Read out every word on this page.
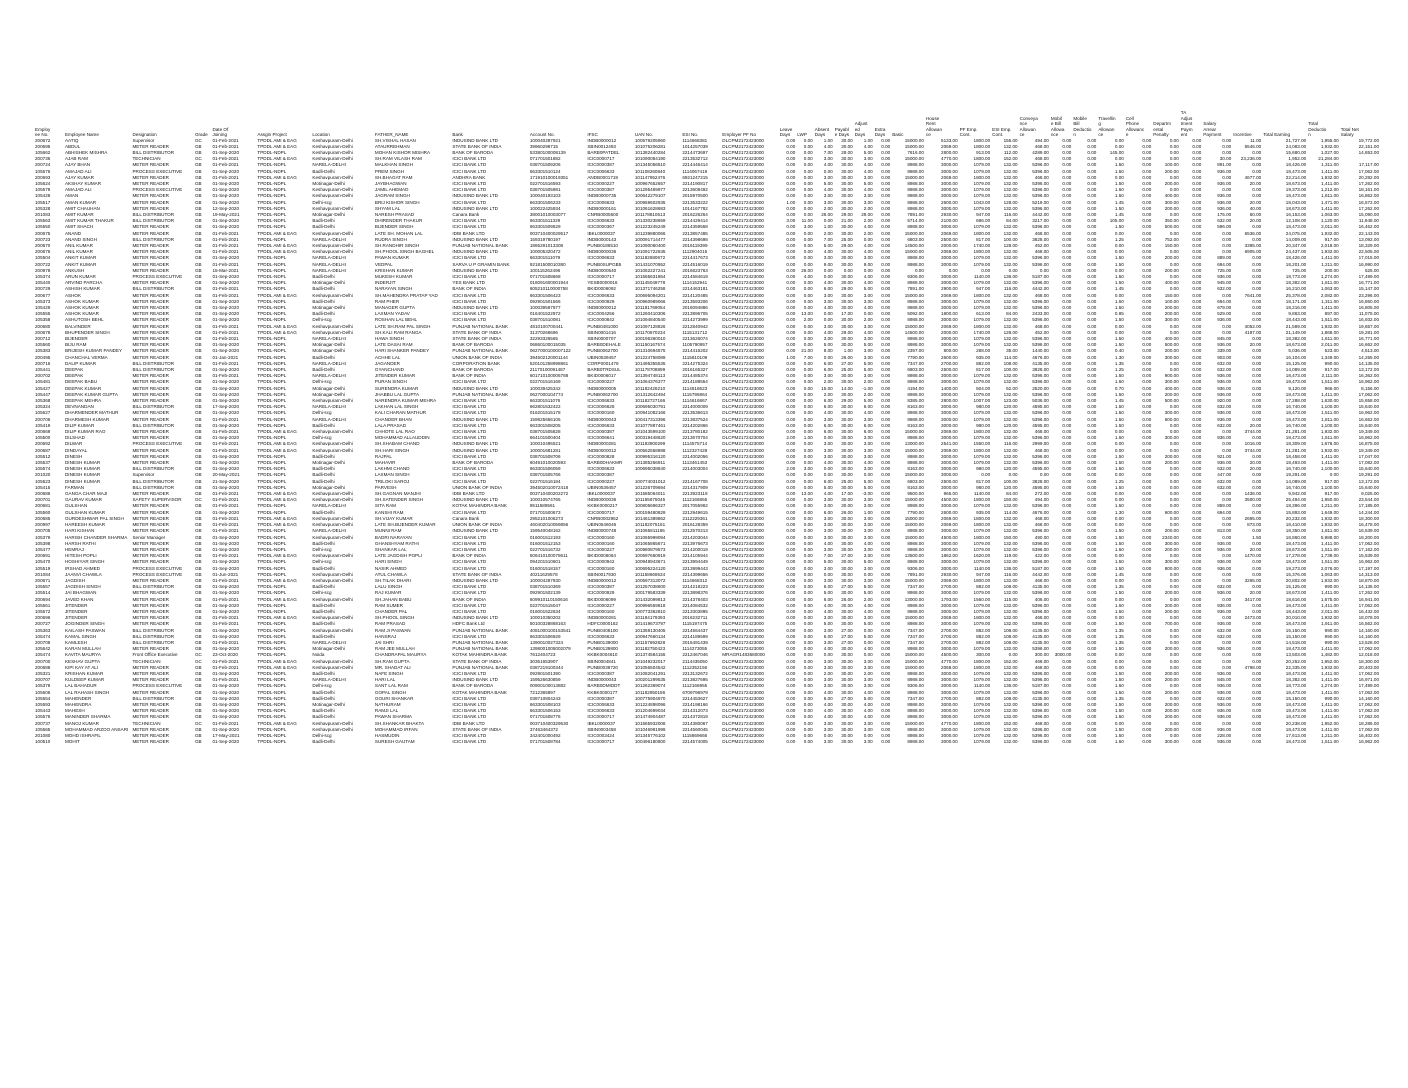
Employ
ee No.	Employee Name	Designation	Grade	Date Of
Joining	Assgin Project	Location	FATHER_NAME	Bank	Account No.	IFSC	UAN No.	ESI No.	Employer PF No	Leave
Days	LWP	Absent
Days	Payabl
e Days	Adjust
ed
Days	Extra
Days	Basic	House
Rent
Allowan
ce	PF Emp.
Cont.	ESI Emp.
Cont.	Conveya
nce
Allowan
ce	Mobil
e Bill
Allowa
nce	Mobile
Bill
Deductio
n	Travellin
g
Allowan
ce	Cell
Phone
Allowanc
e	Departm
ental
Penalty	TA
Adjus
tment
Paym
ent	Salary
Arrear
Payment	Incentive	Total Earning	Total
Deductio
n	Total Net
Salary
200672	AATIQ	Supervisor	GC	01-Feb-2021	TPDDL AMI & EAG	Keshavpuram-Delhi	SH.VISHAL HASAN	INDUSIND BANK LTD	100040287921	INDB0000012	100579205960	1114668381	DLCPM2172423000	0.00	0.00	1.00	30.00	1.00	0.00	15000.00	5133.00	1800.00	155.00	494.00	0.00	0.00	0.00	0.00	0.00	0.00	0.00	11.00	21,727.00	1,955.00	19,772.00
200695	ABDUL	METER READER	GB	01-Feb-2021	TPDDL AMI & EAG	Keshavpuram-Delhi	ATAURREHMAN	STATE BANK OF INDIA	39960298715	SBIN0012493	101075206281	1014257039	DLCPM2172423000	0.00	0.00	4.00	30.00	4.00	0.00	15000.00	2069.00	1800.00	132.00	468.00	0.00	0.00	0.00	0.00	0.00	0.00	0.00	6546.00	24,083.00	1,932.00	22,151.00
105662	ABHISHEK MISHRA	BILL DISTRIBUTOR	GB	01-Sep-2020	TPDDL-NDPL	Keshavpuram-Delhi	MOHAN KISHOR MISHRA	BANK OF BARODA	53380100008139	BARB0PATDEL	101382440284	2214473697	DLCPM2172423000	0.00	0.00	7.00	28.00	5.00	0.00	7616.00	2800.00	913.00	112.00	4289.00	0.00	0.00	145.00	0.00	0.00	0.00	0.00	0.00	15,680.00	1,027.00	14,653.00
200736	AJAB RAM	TECHNICIAN	GC	01-Feb-2021	TPDDL AMI & EAG	Keshavpuram-Delhi	SH.RAM VILASH RAM	ICICI BANK LTD	071701501882	ICIC0000717	101090084190	2213532712	DLCPM2172423000	0.00	0.00	3.00	30.00	3.00	0.00	15000.00	4770.00	1800.00	152.00	468.00	0.00	0.00	0.00	0.00	0.00	0.00	30.00	23,236.00	1,952.00	21,284.00	
200724	AJAY BHAN	METER READER	GB	01-Feb-2021	TPDDL-NDPL	NARELA-DELHI	MALKHAN SINGH	ICICI BANK LTD	038701509206	ICIC0000387	101345056510	2214446414	DLCPM2172423000	0.00	0.00	4.00	30.00	4.00	0.00	8988.00	3000.00	1079.00	132.00	5396.00	0.00	0.00	1.50	0.00	100.00	0.00	891.00	0.00	18,426.00	1,311.00	17,117.00
105576	AMAJAD ALI	PROCESS EXECUTIVE	GB	01-Sep-2020	TPDDL-NDPL	Badli-Delhi	PREM SINGH	ICICI BANK LTD	663301510124	ICIC0006633	101108260840	1114067419	DLCPM2172423000	0.00	0.00	0.00	30.00	4.00	0.00	8988.00	3000.00	1079.00	132.00	5396.00	0.00	0.00	1.50	0.00	200.00	0.00	936.00	0.00	18,473.00	1,411.00	17,062.00
200693	AJAY KUMAR	METER READER	GB	01-Feb-2021	TPDDL AMI & EAG	Keshavpuram-Delhi	SH.BHAGAT RAM	ANDHRA BANK	171910100019351	ANDB0001719	101147952476	6921247215	DLCPM2172423000	0.00	0.00	3.00	30.00	3.00	0.00	15000.00	2069.00	1800.00	132.00	468.00	0.00	0.00	0.00	0.00	0.00	0.00	0.00	4677.00	22,214.00	1,932.00	20,282.00
105624	AKSHAY KUMAR	METER READER	GB	01-Sep-2020	TPDDL-NDPL	Motinagar-Delhi	JAYBHAGWAN	ICICI BANK LTD	022701516593	ICIC0000227	100967652657	2214190817	DLCPM2172423000	0.00	0.00	5.00	30.00	5.00	0.00	8988.00	3000.00	1079.00	132.00	5396.00	0.00	0.00	1.50	0.00	200.00	0.00	936.00	20.00	18,673.00	1,411.00	17,262.00
105578	AMAJAD ALI	PROCESS EXECUTIVE	GB	01-Sep-2020	TPDDL-NDPL	Keshavpuram-Delhi	JAMIL AHEMAD	ICICI BANK LTD	038701505981	ICIC0000387	101295469977	2213608492	DLCPM2172423000	0.00	0.00	4.00	30.00	4.00	0.00	8988.00	3000.00	1079.00	132.00	5396.00	0.00	0.00	1.50	0.00	0.00	0.00	0.00	0.00	19,373.00	1,212.00	18,161.00
105428	AMAN	METER READER	GB	01-Sep-2020	TPDDL-NDPL	Keshavpuram-Delhi	JAGRAM SINGH	INDUSIND BANK LTD	100040193103	INDB0000735	100642279107	2015970500	DLCPM2172423000	0.00	0.00	3.00	30.00	3.00	0.00	8988.00	3000.00	1079.00	132.00	5396.00	0.00	0.00	1.50	0.00	400.00	0.00	936.00	0.00	18,473.00	1,611.00	16,862.00
105517	AMAN KUMAR	METER READER	GB	01-Sep-2020	TPDDL-NDPL	Delhi-scg	BRIJ KISHOR SINGH	ICICI BANK LTD	663301506233	ICIC0006633	100959602935	2213533222	DLCPM2172423000	1.00	0.00	3.00	30.00	3.00	0.00	8988.00	2600.00	1043.00	128.00	5219.00	0.00	0.00	1.45	0.00	300.00	0.00	936.00	20.00	18,043.00	1,471.00	16,572.00
105328	AMIT CHAUHAN	METER READER	GB	12-Sep-2020	TPDDL-NDPL	Keshavpuram-Delhi	SHYAM LAL	INDUSIND BANK LTD	100022425934	INDB0000161	101061628683	1014167782	DLCPM2172423000	0.00	0.00	2.00	30.00	2.00	0.00	8988.00	3000.00	1079.00	132.00	5396.00	0.00	0.00	1.50	0.00	200.00	0.00	936.00	40.00	18,673.00	1,411.00	17,262.00
201083	AMIT KUMAR	BILL DISTRIBUTOR	GB	19-May-2021	TPDDL-NDPL	Motinagar-Delhi	NARESH PRASAD	Canara Bank	38001010003077	CNRB0005600	101178810513	2016226264	DLCPM2172423000	0.00	0.00	26.00	29.00	29.00	0.00	7891.00	2930.00	947.00	116.00	4442.00	0.00	0.00	1.45	0.00	0.00	0.00	175.00	60.00	16,153.00	1,063.00	15,090.00
105563	AMIT KUMAR THAKUR	BILL DISTRIBUTOR	GB	01-Sep-2020	TPDDL-NDPL	Badli-Delhi	DHIRENDER THAKUR	ICICI BANK LTD	663301511329	ICIC0006633	101330238659	2214429414	DLCPM2172423000	3.00	11.00	0.00	21.00	2.00	0.00	5714.00	2100.00	686.00	84.00	3217.00	0.00	0.00	105.00	0.00	350.00	0.00	632.00	20.00	12,108.00	1,120.00	11,948.00
105550	AMIT SHACH	METER READER	GB	01-Sep-2020	TPDDL-NDPL	Badli-Delhi	BIJENDER SINGH	ICICI BANK LTD	663301509529	ICIC0000367	101223245249	2214359558	DLCPM2172423000	0.00	3.00	1.00	30.00	4.00	0.00	8988.00	3000.00	1079.00	132.00	5396.00	0.00	0.00	1.50	0.00	500.00	0.00	596.00	0.00	18,473.00	2,011.00	16,462.00
200675	ANAND	METER READER	GB	01-Feb-2021	TPDDL AMI & EAG	Keshavpuram-Delhi	LATE SH. MOHAN LAL	IDBI BANK LTD	003710400029517	IBKL0000037	101239880066	2213857485	DLCPM2172423000	0.00	0.00	2.00	30.00	2.00	0.00	15000.00	2069.00	1800.00	132.00	468.00	0.00	0.00	0.00	0.00	0.00	0.00	0.00	6536.00	24,075.00	1,932.00	22,143.00
200723	ANAND SINGH	BILL DISTRIBUTOR	GB	01-Feb-2021	TPDDL-NDPL	NARELA-DELHI	RUDRA SINGH	INDUSIND BANK LTD	159319780197	INDB0000143	100091714477	2214398698	DLCPM2172423000	0.00	0.00	7.00	25.00	0.00	0.00	6803.00	2500.00	817.00	100.00	3828.00	0.00	0.00	1.25	0.00	752.00	0.00	0.00	0.00	14,009.00	917.00	13,092.00
200670	ANIL KUMAR	METER READER	GB	01-Feb-2021	TPDDL AMI & EAG	Keshavpuram-Delhi	SH.RANDHIR SINGH	PUNJAB NATIONAL BANK	1865291013308	PUNB0186510	101090060400	2016119399	DLCPM2172423000	0.00	0.00	5.00	29.00	4.00	0.00	14500.00	2000.00	1740.00	128.00	452.00	0.00	0.00	0.00	0.00	150.00	0.00	0.00	3395.00	20,347.00	2,018.00	18,329.00
200676	ANIL KUMAR	METER READER	GB	01-Feb-2021	TPDDL AMI & EAG	Keshavpuram-Delhi	SH.PHOOL SINGH BAGHEL	INDUSIND BANK LTD	100005320472	INDB0000036	101091722635	1112904015	DLCPM2172423000	0.00	0.00	4.00	30.00	4.00	0.00	15000.00	2069.00	1800.00	132.00	468.00	0.00	0.00	0.00	0.00	0.00	0.00	0.00	6905.00	24,437.00	1,932.00	22,505.00
105504	ANKIT KUMAR	METER READER	GB	01-Sep-2020	TPDDL-NDPL	NARELA-DELHI	PAWAN KUMAR	ICICI BANK LTD	663301511079	ICIC0006633	101182680672	2214417673	DLCPM2172423000	0.00	0.00	3.00	30.00	3.00	0.00	8988.00	3000.00	1079.00	132.00	5396.00	0.00	0.00	1.50	0.00	200.00	0.00	889.00	0.00	18,426.00	1,411.00	17,015.00
200722	ANKIT KUMAR	METER READER	GB	01-Feb-2021	TPDDL-NDPL	NARELA-DELHI	VEDPAL	SARVA U P GRAMIN BANK	92181500010380	PUNB0SUPGB5	101431070952	2214516019	DLCPM2172423000	0.00	0.00	9.00	30.00	9.00	0.00	8988.00	3000.00	1079.00	132.00	5396.00	0.00	0.00	1.50	0.00	0.00	0.00	694.00	0.00	18,201.00	1,211.00	16,990.00
200978	ANKUSH	METER READER	GB	15-Mar-2021	TPDDL-NDPL	NARELA-DELHI	KRISHAN KUMAR	INDUSIND BANK LTD	100115262496	INDB0000540	101062227241	2016623763	DLCPM2172423000	0.00	26.00	0.00	0.00	0.00	0.00	0.00	0.00	0.00	0.00	0.00	0.00	0.00	0.00	0.00	200.00	0.00	725.00	0.00	725.00	200.00	525.00
105374	ARUN KUMAR	PROCESS EXECUTIVE	GB	01-Sep-2020	TPDDL-NDPL	Badli-Delhi	MUKESH KUMAR	ICICI BANK LTD	071701508668	ICIC0000717	101565631864	2214584619	DLCPM2172423000	0.00	4.00	0.00	30.00	4.00	0.00	9306.00	3000.00	1140.00	136.00	5187.00	0.00	0.00	1.50	0.00	0.00	0.00	936.00	0.00	18,773.00	1,274.00	17,499.00
105440	ARVIND PARCHA	METER READER	GB	01-Sep-2020	TPDDL-NDPL	Motinagar-Delhi	INDERJIT	YES BANK LTD	016091600001944	YESB0000016	101145049778	1114152941	DLCPM2172423000	0.00	0.00	4.00	30.00	4.00	0.00	8988.00	3000.00	1079.00	132.00	5396.00	0.00	0.00	1.50	0.00	400.00	0.00	945.00	0.00	18,382.00	1,611.00	16,771.00
200729	ASHISH KUMAR	BILL DISTRIBUTOR	GB	01-Feb-2021	TPDDL-NDPL	Badli-Delhi	NARAYAN SINGH	BANK OF INDIA	605210110000758	BKID0006092	101371746258	2214463181	DLCPM2172423000	0.00	0.00	6.00	29.00	5.00	0.00	7891.00	2900.00	947.00	116.00	4442.00	0.00	0.00	1.45	0.00	0.00	0.00	632.00	0.00	16,210.00	1,063.00	15,147.00
200677	ASHOK	METER READER	GB	01-Feb-2021	TPDDL AMI & EAG	Keshavpuram-Delhi	SH.MAHENDRA PRATAP YAD	ICICI BANK LTD	663301506423	ICIC0006633	100695094201	2214120485	DLCPM2172423000	0.00	0.00	3.00	30.00	3.00	0.00	15000.00	2069.00	1800.00	132.00	468.00	0.00	0.00	0.00	0.00	150.00	0.00	0.00	7641.00	25,378.00	2,082.00	23,296.00
105373	ASHOK KUMAR	METER READER	GB	01-Sep-2020	TPDDL-NDPL	Badli-Delhi	RAM PHER	ICICI BANK LTD	092901501566	ICIC0000929	100960989066	2213593206	DLCPM2172423000	0.00	0.00	3.00	30.00	3.00	0.00	8988.00	3000.00	1079.00	132.00	5396.00	0.00	0.00	1.50	0.00	100.00	0.00	694.00	0.00	18,171.00	1,311.00	16,860.00
105429	ASHOK KUMAR	METER READER	GB	01-Sep-2020	TPDDL-NDPL	Motinagar-Delhi	MANAGER GUPTA	INDUSIND BANK LTD	100039587977	INDB0000012	101181769054	2016094886	DLCPM2172423000	0.00	0.00	4.00	30.00	4.00	0.00	8988.00	3000.00	1079.00	132.00	5396.00	0.00	0.00	1.50	0.00	200.00	0.00	679.00	0.00	18,216.00	1,411.00	16,805.00
105555	ASHOK KUMAR	METER READER	GB	01-Sep-2020	TPDDL-NDPL	Badli-Delhi	LAXMAN YADAV	ICICI BANK LTD	016401522972	ICIC0004256	101260410306	2213896705	DLCPM2172423000	0.00	13.00	0.00	17.00	0.00	0.00	5092.00	1800.00	613.00	84.00	2433.00	0.00	0.00	0.85	0.00	200.00	0.00	529.00	0.00	9,863.00	897.00	11,075.00
105358	ASHUTOSH BEHL	METER READER	GB	01-Sep-2020	TPDDL-NDPL	Delhi-scg	ROSHAN LAL BEHL	ICICI BANK LTD	038701510081	ICIC0000842	101094840540	2214273999	DLCPM2172423000	0.00	2.00	0.00	30.00	2.00	0.00	8988.00	3000.00	1079.00	132.00	5396.00	0.00	0.00	1.50	0.00	300.00	0.00	936.00	0.00	18,443.00	1,511.00	16,932.00
200680	BALVINDER	METER READER	GB	01-Feb-2021	TPDDL AMI & EAG	Keshavpuram-Delhi	LATE SH.RAM PAL SINGH	PUNJAB NATIONAL BANK	4810100700441	PUNB0481000	101097128826	2212840942	DLCPM2172423000	0.00	0.00	3.00	30.00	3.00	0.00	15000.00	2069.00	1800.00	132.00	468.00	0.00	0.00	0.00	0.00	0.00	0.00	0.00	4052.00	21,589.00	1,932.00	19,657.00
200678	BHUPENDER SINGH	METER READER	GB	01-Feb-2021	TPDDL AMI & EAG	Keshavpuram-Delhi	SH.KALI RAM RANGA	STATE BANK OF INDIA	31370266696	SBIN0001416	101170670234	1115131712	DLCPM2172423000	0.00	0.00	4.00	29.00	4.00	0.00	14500.00	2000.00	1740.00	128.00	452.00	0.00	0.00	0.00	0.00	0.00	0.00	0.00	4197.00	21,149.00	1,868.00	19,281.00
200712	BIJENDER	METER READER	GB	01-Feb-2021	TPDDL-NDPL	NARELA-DELHI	HAWA SINGH	STATE BANK OF INDIA	32293326565	SBIN0000707	100196360010	2213626074	DLCPM2172423000	0.00	0.00	3.00	30.00	3.00	0.00	8988.00	3000.00	1079.00	132.00	5396.00	0.00	0.00	1.50	0.00	400.00	0.00	845.00	0.00	18,382.00	1,611.00	16,771.00
105560	BIJU RAM	METER READER	GB	01-Sep-2020	TPDDL-NDPL	Motinagar-Delhi	LATE DASAI RAM	BANK OF BARODA	06860100015035	BARB0DEHALE	101150167574	1105790957	DLCPM2172423000	0.00	0.00	5.00	30.00	5.00	0.00	8988.00	3000.00	1079.00	132.00	5396.00	0.00	0.00	1.50	0.00	500.00	0.00	936.00	20.00	18,673.00	2,011.00	16,662.00
105383	BRIJESH KUMAR PANDEY	METER READER	GB	01-Sep-2020	TPDDL-NDPL	Motinagar-Delhi	HARI SHANKER PANDEY	PUNJAB NATIONAL BANK	0627000100007122	PUNB0062700	101310694575	2214416202	DLCPM2172423000	0.00	21.00	8.00	1.00	3.00	0.00	2397.00	800.00	288.00	35.00	1440.00	0.00	0.00	0.40	0.00	200.00	0.00	339.00	0.00	5,036.00	523.00	4,513.00
200495	CHANCHAL VERMA	METER READER	GB	01-Jan-2021	TPDDL-NDPL	Badli-Delhi	ACHHE LAL	UNION BANK OF INDIA	394502120001144	UBIN0539457	101224758089	1115810109	DLCPM2172423000	1.00	7.00	0.00	26.00	3.00	0.00	7790.00	2600.00	935.00	114.00	4676.00	0.00	0.00	1.30	0.00	300.00	0.00	903.00	0.00	16,104.00	1,349.00	14,255.00
200716	DALIP KUMAR	BILL DISTRIBUTOR	GB	01-Feb-2021	TPDDL-NDPL	NARELA-DELHI	JAGANDER	CORPORATION BANK	520101258998861	CORP0001479	101495355535	2214275324	DLCPM2172423000	0.00	0.00	6.00	27.00	5.00	0.00	7347.00	2700.00	882.00	108.00	4135.00	0.00	0.00	1.35	0.00	0.00	0.00	632.00	0.00	15,125.00	990.00	14,135.00
105441	DEEPAK	BILL DISTRIBUTOR	GB	01-Sep-2020	TPDDL-NDPL	Badli-Delhi	GYANCHAND	BANK OF BARODA	21170100091487	BARB0TRDSUL	101178708899	2016165327	DLCPM2172423000	0.00	0.00	6.00	25.00	5.00	0.00	6803.00	2500.00	817.00	100.00	3828.00	0.00	0.00	1.25	0.00	0.00	0.00	632.00	0.00	14,089.00	917.00	13,172.00
200702	DEEPAK	METER READER	GB	01-Feb-2021	TPDDL-NDPL	NARELA-DELHI	JITENDER KUMAR	BANK OF INDIA	601710100006788	BKID0006017	101394748113	2214485374	DLCPM2172423000	0.00	0.00	3.00	30.00	3.00	0.00	8988.00	3000.00	1079.00	132.00	5396.00	0.00	0.00	1.50	0.00	900.00	0.00	936.00	0.00	18,473.00	2,111.00	16,362.00
105481	DEEPAK BABU	METER READER	GB	01-Sep-2020	TPDDL-NDPL	Delhi-scg	PURAN SINGH	ICICI BANK LTD	022701516169	ICIC0000227	101064376377	2214188554	DLCPM2172423000	0.00	0.00	2.00	30.00	2.00	0.00	8988.00	3000.00	1079.00	132.00	5396.00	0.00	0.00	1.50	0.00	300.00	0.00	936.00	0.00	18,473.00	1,511.00	16,962.00
105427	DEEPAK KUMAR	METER READER	GB	01-Sep-2020	TPDDL-NDPL	Motinagar-Delhi	SURENDRA KUMAR	INDUSIND BANK LTD	100039425342	INDB0000005	101182426210	1114618623	DLCPM2172423000	0.00	0.00	15.00	14.00	-1.00	0.00	4194.00	1400.00	504.00	62.00	2520.00	0.00	0.00	0.70	0.00	400.00	0.00	936.00	0.00	9,120.00	966.00	8,156.00
105447	DEEPAK KUMAR GUPTA	METER READER	GB	01-Sep-2020	TPDDL-NDPL	Motinagar-Delhi	JHABBU LAL GUPTA	PUNJAB NATIONAL BANK	0627000104774	PUNB0062700	101312642494	1115796864	DLCPM2172423000	0.00	0.00	2.00	30.00	2.00	0.00	8988.00	3000.00	1079.00	132.00	5396.00	0.00	0.00	1.50	0.00	200.00	0.00	936.00	0.00	18,473.00	1,411.00	17,062.00
105368	DEEPAK MEHRA	METER READER	GB	01-Sep-2020	TPDDL-NDPL	Keshavpuram-Delhi	NARENDRA KUMAR MEHRA	ICICI BANK LTD	663301511076	ICIC0006633	101182727166	1114616867	DLCPM2172423000	0.00	0.00	6.00	29.00	5.00	0.00	8385.00	2800.00	1007.00	123.00	5036.00	0.00	0.00	1.45	0.00	500.00	0.00	920.00	0.00	17,288.00	1,630.00	15,658.00
105324	DEVNANDAN	BILL DISTRIBUTOR	GB	17-Sep-2020	TPDDL-NDPL	NARELA-DELHI	LAKHAN LAL SINGH	ICICI BANK LTD	662801532422	ICIC0006628	100695030791	2214000009	DLCPM2172423000	0.00	0.00	6.00	30.00	6.00	0.00	8163.00	3000.00	980.00	120.00	4595.00	0.00	0.00	1.50	0.00	0.00	0.00	632.00	0.00	16,740.00	1,100.00	15,640.00
105627	DHARMENDER MATHUR	METER READER	GB	01-Sep-2020	TPDDL-NDPL	Delhi-scg	KALI CHARAN MATHUR	ICICI BANK LTD	016201515178	ICIC0000160	100941082166	2213536613	DLCPM2172423000	0.00	0.00	4.00	30.00	4.00	0.00	8988.00	3000.00	1079.00	132.00	5396.00	0.00	0.00	1.50	0.00	300.00	0.00	936.00	0.00	18,473.00	1,511.00	16,962.00
200706	DHARMESH KUMAR	METER READER	GB	01-Feb-2021	TPDDL-NDPL	NARELA-DELHI	CHANDER BHAN	INDUSIND BANK LTD	159825656105	INDB0000043	100417313396	2213837524	DLCPM2172423000	0.00	0.00	3.00	30.00	3.00	0.00	8988.00	3000.00	1079.00	132.00	5396.00	0.00	0.00	1.50	0.00	600.00	0.00	936.00	0.00	18,473.00	1,811.00	16,662.00
105419	DILIP KUMAR	BILL DISTRIBUTOR	GB	01-Sep-2020	TPDDL-NDPL	Badli-Delhi	LALA PRASAD	ICICI BANK LTD	663301508205	ICIC0006633	101077887461	2214202866	DLCPM2172423000	0.00	0.00	6.00	30.00	6.00	0.00	8163.00	3000.00	980.00	120.00	4595.00	0.00	0.00	1.50	0.00	0.00	0.00	632.00	20.00	16,740.00	1,100.00	15,640.00
200669	DILIP KUMAR RAO	METER READER	GB	01-Feb-2021	TPDDL AMI & EAG	Keshavpuram-Delhi	CHHOTE LAL RAO	ICICI BANK LTD	038701505828	ICIC0000387	101043599100	2213780182	DLCPM2172423000	0.00	0.00	6.00	30.00	6.00	0.00	15000.00	2069.00	1800.00	132.00	468.00	0.00	0.00	0.00	0.00	0.00	0.00	0.00	3744.00	21,281.00	1,932.00	19,349.00
105500	DILSHAD	METER READER	GB	01-Sep-2020	TPDDL-NDPL	Delhi-scg	MOHAMMAD ALLAUDDIN	ICICI BANK LTD	664101500404	ICIC0006641	100319448620	2213670704	DLCPM2172423000	2.00	1.00	0.00	30.00	3.00	0.00	8988.00	3000.00	1079.00	132.00	5396.00	0.00	0.00	1.50	0.00	300.00	0.00	936.00	0.00	18,473.00	1,511.00	16,962.00
200692	DILWAR	PROCESS EXECUTIVE	GB	01-Feb-2021	TPDDL AMI & EAG	Keshavpuram-Delhi	SH.SHABAM CHAND	INDUSIND BANK LTD	100010495521	INDB0000281	101183900299	1114575714	DLCPM2172423000	0.00	0.00	3.00	30.00	3.00	0.00	13000.00	2541.00	1560.00	116.00	2999.00	0.00	0.00	0.00	0.00	0.00	0.00	0.00	1016.00	18,309.00	1,676.00	16,875.00
200687	DINDAYAL	METER READER	GB	01-Feb-2021	TPDDL AMI & EAG	Keshavpuram-Delhi	SH.HARI SINGH	INDUSIND BANK LTD	100001681281	INDB0000012	100562558888	1112327428	DLCPM2172423000	0.00	0.00	3.00	30.00	3.00	0.00	15000.00	2069.00	1800.00	132.00	468.00	0.00	0.00	0.00	0.00	0.00	0.00	0.00	3744.00	21,281.00	1,932.00	19,349.00
105512	DINESH	METER READER	GB	01-Sep-2020	TPDDL-NDPL	Badli-Delhi	RAJPAL	ICICI BANK LTD	038701508706	ICIC0000828	100995316120	2214002056	DLCPM2172423000	0.00	0.00	3.00	30.00	3.00	0.00	8988.00	3000.00	1079.00	132.00	5396.00	0.00	0.00	1.50	0.00	200.00	0.00	921.00	0.00	18,458.00	1,411.00	17,047.00
105537	DINESH KUMAR	METER READER	GB	01-Sep-2020	TPDDL-NDPL	Motinagar-Delhi	MAHAVIR	BANK OF BARODA	60491010020593	BARB0DHAKMR	101385256911	1113461453	DLCPM2172423000	0.00	0.00	4.00	30.00	4.00	0.00	8988.00	3000.00	1079.00	132.00	5396.00	0.00	0.00	1.50	0.00	200.00	0.00	936.00	20.00	18,493.00	1,411.00	17,082.00
105574	DINESH KUMAR	BILL DISTRIBUTOR	GB	01-Sep-2020	TPDDL-NDPL	Badli-Delhi	LAKHMI CHAND	ICICI BANK LTD	663301506059	ICIC0006633	100695038840	2214003004	DLCPM2172423000	2.00	3.00	0.00	30.00	3.00	0.00	8163.00	3000.00	980.00	120.00	4595.00	0.00	0.00	1.50	0.00	0.00	0.00	632.00	20.00	16,740.00	1,100.00	15,640.00
201020	DINESH KUMAR	Supervisor	GB	20-May-2021	TPDDL-NDPL	Badli-Delhi	LAXMAN SINGH	ICICI BANK LTD	038701505766	ICIC0000387			DLCPM2172423000	0.00	0.00	0.00	30.00	0.00	0.00	15000.00	3000.00	0.00	0.00	0.00	0.00	0.00	0.00	0.00	0.00	0.00	447.00	0.00	19,291.00	0.00	19,291.00
105523	DINESH KUMAR	BILL DISTRIBUTOR	GB	21-Sep-2020	TPDDL-NDPL	Badli-Delhi	TRILOKI SAROJ	ICICI BANK LTD	022701516184	ICIC0000227	100774031012	2214167708	DLCPM2172423000	0.00	0.00	6.00	25.00	5.00	0.00	6803.00	2500.00	817.00	100.00	3828.00	0.00	0.00	1.25	0.00	0.00	0.00	632.00	0.00	14,089.00	917.00	13,172.00
105415	FARMAN	BILL DISTRIBUTOR	GB	01-Sep-2020	TPDDL-NDPL	Motinagar-Delhi	PARVESH	UNION BANK OF INDIA	394502010072418	UBIN0539457	101226709694	2214317909	DLCPM2172423000	0.00	0.00	5.00	30.00	5.00	0.00	8163.00	3000.00	980.00	120.00	4595.00	0.00	0.00	1.50	0.00	0.00	0.00	632.00	0.00	16,740.00	1,100.00	15,640.00
200686	GANGA CHAR MAJI	METER READER	GB	01-Feb-2021	TPDDL AMI & EAG	Keshavpuram-Delhi	SH.GAGNAN MANJHI	IDBI BANK LTD	003710400202272	IBKL0000037	101585064011	2213923119	DLCPM2172423000	0.00	13.00	4.00	17.00	-3.00	0.00	9500.00	965.00	1140.00	84.00	272.00	0.00	0.00	0.00	0.00	0.00	0.00	0.00	1436.00	9,942.00	917.00	9,025.00
200701	GAURAV KUMAR	SAFETY SUPERVISOR	GC	01-Feb-2021	TPDDL AMI & EAG	Keshavpuram-Delhi	SH.SATENDER SINGH	INDUSIND BANK LTD	100010574765	INDB0000036	101185675045	1112166855	DLCPM2172423000	0.00	0.00	3.00	30.00	3.00	0.00	15000.00	4500.00	1800.00	150.00	494.00	0.00	0.00	0.00	0.00	0.00	0.00	0.00	3500.00	25,494.00	1,950.00	23,544.00
200681	GULSHAN	METER READER	GB	01-Feb-2021	TPDDL-NDPL	NARELA-DELHI	SITA RAM	KOTAK MAHINDRA BANK	9511589561	KKBK0000217	100805696327	2017055962	DLCPM2172423000	0.00	0.00	3.00	30.00	3.00	0.00	8988.00	3000.00	1079.00	132.00	5396.00	0.00	0.00	1.50	0.00	0.00	0.00	859.00	0.00	18,396.00	1,211.00	17,185.00
105560	GULSHAN KUMAR	METER READER	GB	01-Sep-2020	TPDDL-NDPL	Badli-Delhi	KANSHI RAM	ICICI BANK LTD	071701500673	ICIC0000717	100159480829	2212949615	DLCPM2172423000	0.00	0.00	6.00	26.00	1.00	0.00	7790.00	2600.00	935.00	114.00	4676.00	0.00	0.00	1.30	0.00	600.00	0.00	694.00	0.00	15,893.00	1,649.00	14,244.00
200685	GURDESHWAR PAL SINGH	METER READER	GB	01-Feb-2021	TPDDL AMI & EAG	Keshavpuram-Delhi	SH.VIJAY KUMAR	Canara Bank	2952101006273	CNRB0002952	101461389862	2112229361	DLCPM2172423000	0.00	0.00	3.00	30.00	3.00	0.00	15000.00	2069.00	1800.00	132.00	468.00	0.00	0.00	0.00	0.00	0.00	0.00	0.00	2695.00	20,232.00	1,932.00	18,300.00
200997	HAREESH KUMAR	METER READER	GB	01-Feb-2021	TPDDL AMI & EAG	Keshavpuram-Delhi	LATE SH.BIJENDER KUMAR	UNION BANK OF INDIA	460402010059856	UBIN0546046	101182075161	2016128359	DLCPM2172423000	0.00	0.00	3.00	30.00	3.00	0.00	15000.00	2069.00	1800.00	132.00	468.00	0.00	0.00	0.00	0.00	0.00	0.00	0.00	873.00	18,410.00	1,932.00	16,478.00
200705	HARI KISHAN	METER READER	GB	01-Feb-2021	TPDDL-NDPL	NARELA-DELHI	MUNNI RAM	INDUSIND BANK LTD	159540048162	INDB0000748	101065811165	2212570213	DLCPM2172423000	0.00	0.00	3.00	30.00	3.00	0.00	8988.00	3000.00	1079.00	132.00	5396.00	0.00	0.00	1.50	0.00	200.00	0.00	813.00	0.00	18,350.00	1,811.00	16,539.00
105379	HARISH CHANDER SHARMA	Senior Manager	GB	01-Sep-2020	TPDDL-NDPL	Keshavpuram-Delhi	BADRI NARAYAN	ICICI BANK LTD	016001512193	ICIC0000160	101065999094	2214203044	DLCPM2172423000	0.00	0.00	3.00	30.00	3.00	0.00	15000.00	4500.00	1800.00	150.00	490.00	0.00	0.00	1.50	0.00	2340.00	0.00	0.00	1.50	18,860.00	5,988.00	18,200.00
105398	HARSH RATHI	METER READER	GB	01-Sep-2020	TPDDL-NDPL	Badli-Delhi	GHANSHYAM RATHI	ICICI BANK LTD	016001512153	ICIC0000160	101065865671	2213976673	DLCPM2172423000	0.00	0.00	4.00	30.00	4.00	0.00	8988.00	3000.00	1079.00	132.00	5396.00	0.00	0.00	1.50	0.00	300.00	0.00	936.00	0.00	18,473.00	1,411.00	17,062.00
105477	HEMRAJ	METER READER	GB	01-Sep-2020	TPDDL-NDPL	Delhi-scg	SHANKAR LAL	ICICI BANK LTD	022701516732	ICIC0000227	100980879573	2214200019	DLCPM2172423000	0.00	0.00	3.00	30.00	3.00	0.00	8988.00	3000.00	1079.00	132.00	5396.00	0.00	0.00	1.50	0.00	200.00	0.00	936.00	20.00	18,673.00	1,511.00	17,162.00
200691	HITESH POPLI	METER READER	GB	01-Feb-2021	TPDDL AMI & EAG	Keshavpuram-Delhi	LATE JAGDISH POPLI	BANK OF INDIA	606410100078611	BKID0006064	100597660919	2214105944	DLCPM2172423000	0.00	0.00	7.00	27.00	3.00	0.00	13500.00	1862.00	1620.00	119.00	422.00	0.00	0.00	0.00	0.00	0.00	0.00	0.00	1470.00	17,278.00	1,739.00	15,539.00
105470	HOSHIYAR SINGH	METER READER	GB	01-Sep-2020	TPDDL-NDPL	Delhi-scg	HARI SINGH	ICICI BANK LTD	094201510601	ICIC0000942	100948943671	2213994449	DLCPM2172423000	0.00	0.00	5.00	30.00	5.00	0.00	8988.00	3000.00	1079.00	132.00	5396.00	0.00	0.00	1.50	0.00	300.00	0.00	936.00	0.00	18,473.00	1,511.00	16,962.00
105519	IRSHAD AHMED	PROCESS EXECUTIVE	GB	01-Sep-2020	TPDDL-NDPL	Badli-Delhi	NASIR AHMED	ICICI BANK LTD	016001518157	ICIC0000160	100695224120	2213999443	DLCPM2172423000	0.00	0.00	3.00	30.00	3.00	0.00	9306.00	3000.00	1140.00	136.00	5187.00	0.00	0.00	1.50	0.00	800.00	0.00	936.00	0.00	19,273.00	2,076.00	17,197.00
201084	JAANVI CHAWLA	PROCESS EXECUTIVE	GB	01-Jun-2021	TPDDL-NDPL	Keshavpuram-Delhi	ATUL CHAWLA	STATE BANK OF INDIA	40211629578	SBIN0017930	101158669534	2214399656	DLCPM2172423000	0.00	0.00	0.00	30.00	0.00	0.00	7891.00	2930.00	947.00	116.00	4442.00	0.00	0.00	1.45	0.00	0.00	0.00	0.00	0.00	15,376.00	1,063.00	14,313.00
200671	JAGDISH	METER READER	GB	01-Feb-2021	TPDDL AMI & EAG	Keshavpuram-Delhi	SH.TILAK DHARI	INDUSIND BANK LTD	100004287930	INDB0000012	100597313072	1114668312	DLCPM2172423000	0.00	0.00	3.00	30.00	3.00	0.00	15000.00	2069.00	1800.00	132.00	468.00	0.00	0.00	0.00	0.00	0.00	0.00	0.00	3265.00	20,802.00	1,932.00	18,870.00
105557	JAGDISH SINGH	BILL DISTRIBUTOR	GB	01-Sep-2020	TPDDL-NDPL	Badli-Delhi	LALU SINGH	ICICI BANK LTD	038701510369	ICIC0000387	101257038600	2214218223	DLCPM2172423000	0.00	0.00	6.00	27.00	5.00	0.00	7347.00	2700.00	882.00	108.00	4135.00	0.00	0.00	1.35	0.00	0.00	0.00	632.00	0.00	15,125.00	990.00	14,135.00
105514	JAI BHAGWAN	METER READER	GB	01-Sep-2020	TPDDL-NDPL	Delhi-scg	RAJ KUMAR	ICICI BANK LTD	092901502139	ICIC0000929	100179583339	2213898376	DLCPM2172423000	0.00	0.00	5.00	30.00	5.00	0.00	8988.00	3000.00	1079.00	132.00	5396.00	0.00	0.00	1.50	0.00	200.00	0.00	936.00	20.00	18,673.00	1,411.00	17,262.00
200694	JAVED KHAN	METER READER	GB	01-Feb-2021	TPDDL AMI & EAG	Keshavpuram-Delhi	SH.JAHAN BABU	BANK OF INDIA	609910110150616	BKID0006099	101432099813	2214378403	DLCPM2172423000	0.00	0.00	6.00	26.00	2.00	0.00	13000.00	1793.00	1560.00	115.00	406.00	0.00	0.00	0.00	0.00	0.00	0.00	0.00	3417.00	18,616.00	1,675.00	16,941.00
105561	JITENDER	METER READER	GB	01-Sep-2020	TPDDL-NDPL	Badli-Delhi	RAM SUMER	ICICI BANK LTD	022701515047	ICIC0000227	100996559818	2214084532	DLCPM2172423000	0.00	0.00	4.00	30.00	4.00	0.00	8988.00	3000.00	1079.00	132.00	5396.00	0.00	0.00	1.50	0.00	200.00	0.00	936.00	0.00	18,473.00	1,411.00	17,062.00
105572	JITENDER	METER READER	GB	01-Sep-2020	TPDDL-NDPL	Badli-Delhi	CHANDER PAL	ICICI BANK LTD	016001522634	ICIC0000160	100773362810	2213303895	DLCPM2172423000	0.00	0.00	4.00	30.00	4.00	0.00	8988.00	3000.00	1079.00	132.00	5396.00	0.00	0.00	1.50	0.00	200.00	0.00	936.00	0.00	18,443.00	2,011.00	16,432.00
200696	JITENDER	METER READER	GB	01-Feb-2021	TPDDL AMI & EAG	Keshavpuram-Delhi	SH.PHOOL SINGH	INDUSIND BANK LTD	100010350202	INDB0000281	101184179393	2016232711	DLCPM2172423000	0.00	0.00	3.00	30.00	3.00	0.00	15000.00	2069.00	1800.00	132.00	468.00	0.00	0.00	0.00	0.00	0.00	0.00	0.00	2473.00	20,010.00	1,932.00	18,078.00
200727	JOGINDER SINGH	METER READER	GB	01-Feb-2021	TPDDL-NDPL	Badli-Delhi	RAM PRASAD	HDFC Bank Ltd	50100328868163	HDFC0000162	101419673797	1115197475	DLCPM2172423000	0.00	0.00	5.00	30.00	5.00	0.00	8988.00	3000.00	1079.00	132.00	5396.00	0.00	0.00	1.50	0.00	700.00	0.00	936.00	0.00	18,473.00	1,911.00	16,562.00
105363	KAILASH PASWAN	BILL DISTRIBUTOR	GB	01-Sep-2020	TPDDL-NDPL	Keshavpuram-Delhi	RAM JI PASWAN	PUNJAB NATIONAL BANK	4081000100153541	PUNB0408100	101359130405	2214564437	DLCPM2172423000	0.00	0.00	3.00	27.00	0.00	0.00	7347.00	2700.00	882.00	108.00	4135.00	0.00	0.00	1.35	0.00	0.00	0.00	632.00	0.00	15,150.00	990.00	14,160.00
105474	KAMAL SINGH	BILL DISTRIBUTOR	GB	01-Sep-2020	TPDDL-NDPL	Badli-Delhi	HANSRAJ	ICICI BANK LTD	663301506929	ICIC0006633	100947660134	2214189599	DLCPM2172423000	0.00	0.00	6.00	27.00	5.00	0.00	7347.00	2700.00	882.00	108.00	4135.00	0.00	0.00	1.35	0.00	0.00	0.00	632.00	0.00	15,150.00	990.00	14,160.00
200708	KAMLESH	BILL DISTRIBUTOR	GB	01-Feb-2021	TPDDL-NDPL	NARELA-DELHI	JAI SHRI	PUNJAB NATIONAL BANK	1390010027324	PUNB0139000	101157692828	2016491439	DLCPM2172423000	0.00	0.00	3.00	27.00	0.00	0.00	7347.00	2700.00	882.00	108.00	4135.00	0.00	0.00	1.35	0.00	0.00	0.00	0.00	0.00	14,518.00	990.00	13,528.00
105642	KARAN MULLAH	METER READER	GB	01-Sep-2020	TPDDL-NDPL	Motinagar-Delhi	RAM JEE MULLAH	PUNJAB NATIONAL BANK	1398001005002079	PUNB0139800	101182750423	1114273055	DLCPM2172423000	0.00	0.00	4.00	30.00	4.00	0.00	8988.00	3000.00	1079.00	132.00	5396.00	0.00	0.00	1.50	0.00	200.00	0.00	936.00	0.00	18,473.00	1,411.00	17,062.00
105474	KAVITA MAURYA	Front Office Executive	GC	23-Oct-2020	TPDDL-NDPL	Noida	CHANDRAPAL MAURYA	KOTAK MAHINDRA BANK	7612404723	KKBK0004610	101374584155	2212467046	MRAGR1483680000	0.00	0.00	0.00	30.00	0.00	0.00	15000.00	4500.00	300.00	0.00	300.00	3000.00	0.00	0.00	0.00	0.00	0.00	0.00	0.00	13,503.00	1,482.00	12,018.00
200700	KESHAV GUPTA	TECHNICIAN	GC	01-Feb-2021	TPDDL AMI & EAG	Keshavpuram-Delhi	SH.RAM GUPTA	STATE BANK OF INDIA	30351653907	SBIN0004841	101049232017	2114435050	DLCPM2172423000	0.00	0.00	3.00	30.00	3.00	0.00	15000.00	4770.00	1800.00	152.00	468.00	0.00	0.00	0.00	0.00	0.00	0.00	0.00	0.00	20,252.00	1,952.00	18,300.00
200688	KIPI KAY AT ALI	METER READER	GB	01-Feb-2021	TPDDL AMI & EAG	Keshavpuram-Delhi	MR. SHADAT ALI	PUNJAB NATIONAL BANK	0387219100344	PUNB0038720	101056504542	1112352156	DLCPM2172423000	0.00	0.00	3.00	30.00	3.00	0.00	15000.00	2069.00	1800.00	132.00	468.00	0.00	0.00	0.00	0.00	0.00	0.00	0.00	4798.00	22,335.00	1,932.00	20,403.00
105321	KRISHAN KUMAR	METER READER	GB	01-Sep-2020	TPDDL-NDPL	Badli-Delhi	NAFE SINGH	ICICI BANK LTD	092901501390	ICIC0000387	101082041291	2213132672	DLCPM2172423000	0.00	0.00	2.00	30.00	2.00	0.00	8988.00	3000.00	1079.00	132.00	5396.00	0.00	0.00	1.50	0.00	200.00	0.00	936.00	0.00	18,473.00	1,411.00	17,062.00
200707	KULDEEP KUMAR	METER READER	GB	01-Feb-2021	TPDDL-NDPL	NARELA-DELHI	HARI LAL	INDUSIND BANK LTD	159526630859	INDB0000043	100201299535	2213827695	DLCPM2172423000	0.00	0.00	3.00	30.00	3.00	0.00	8988.00	3000.00	1079.00	132.00	5396.00	0.00	0.00	1.50	0.00	200.00	0.00	845.00	0.00	18,382.00	1,411.00	16,971.00
105378	LAL BAHADUR	PROCESS EXECUTIVE	GB	01-Sep-2020	TPDDL-NDPL	Delhi-scg	SANT LAL RAM	BANK OF BARODA	00900100013882	BARB0DMIDDT	101262369074	1112166955	DLCPM2172423000	0.00	0.00	3.00	30.00	3.00	0.00	9306.00	3000.00	1140.00	136.00	5187.00	0.00	0.00	1.50	0.00	0.00	0.00	936.00	0.00	18,773.00	1,274.00	17,499.00
105606	LAL RAHASH SINGH	METER READER	GB	01-Sep-2020	TPDDL-NDPL	Badli-Delhi	GOPAL SINGH	KOTAK MAHINDRA BANK	7212365897	KKBK0000177	101182950186	6709796979	DLCPM2172423000	0.00	0.00	4.00	30.00	4.00	0.00	8988.00	3000.00	1079.00	132.00	5396.00	0.00	0.00	1.50	0.00	200.00	0.00	936.00	0.00	18,473.00	1,411.00	17,062.00
105554	MAHENDER	BILL DISTRIBUTOR	GB	01-Sep-2020	TPDDL-NDPL	Badli-Delhi	GOURI SHANKAR	ICICI BANK LTD	038710804243	ICIC0000387	100775904970	2214453627	DLCPM2172423000	0.00	0.00	6.00	27.00	5.00	0.00	7347.00	2700.00	882.00	108.00	4135.00	0.00	0.00	1.35	0.00	0.00	0.00	632.00	0.00	15,150.00	990.00	14,160.00
105593	MAHENDRA	METER READER	GB	01-Sep-2020	TPDDL-NDPL	Motinagar-Delhi	NATHURAM	ICICI BANK LTD	663301508103	ICIC0006633	101224898096	2214198166	DLCPM2172423000	0.00	0.00	4.00	30.00	4.00	0.00	8988.00	3000.00	1079.00	132.00	5396.00	0.00	0.00	1.50	0.00	200.00	0.00	936.00	0.00	18,473.00	1,411.00	17,062.00
105443	MAHESH	METER READER	GB	01-Sep-2020	TPDDL-NDPL	Badli-Delhi	RAMJI LAL	ICICI BANK LTD	663301506153	ICIC0006633	101204699034	2214312073	DLCPM2172423000	0.00	0.00	4.00	30.00	4.00	0.00	8988.00	3000.00	1079.00	132.00	5396.00	0.00	0.00	1.50	0.00	200.00	0.00	936.00	0.00	18,473.00	1,411.00	17,062.00
105576	MANINDER SHARMA	METER READER	GB	01-Sep-2020	TPDDL-NDPL	Badli-Delhi	PAWAN SHARMA	ICICI BANK LTD	071701508776	ICIC0000717	101474904487	2214372819	DLCPM2172423000	0.00	0.00	4.00	30.00	4.00	0.00	8988.00	3000.00	1079.00	132.00	5396.00	0.00	0.00	1.50	0.00	200.00	0.00	936.00	0.00	18,473.00	1,411.00	17,062.00
200737	MANOJ KUMAR	TECHNICIAN	GC	01-Feb-2021	TPDDL AMI & EAG	Keshavpuram-Delhi	SH.SHANKAR BHAKTA	IDBI BANK LTD	003710400329530	IBKL0000037	101565932008	2214380067	DLCPM2172423000	0.00	0.00	3.00	30.00	3.00	0.00	15000.00	4770.00	1800.00	152.00	468.00	0.00	0.00	0.00	0.00	0.00	0.00	0.00	0.00	20,238.00	1,952.00	18,286.00
105565	MOHAMMAD ARZOO ANSARI	METER READER	GB	01-Sep-2020	TPDDL-NDPL	Keshavpuram-Delhi	MOHAMMAD IRFAN	STATE BANK OF INDIA	37463464372	SBIN0003458	101046991999	2214560045	DLCPM2172423000	0.00	0.00	3.00	30.00	3.00	0.00	8988.00	3000.00	1079.00	132.00	5396.00	0.00	0.00	1.50	0.00	200.00	0.00	936.00	0.00	18,473.00	1,411.00	17,062.00
201080	MOHD ISHRAFIL	METER READER	GB	17-May-2021	TPDDL-NDPL	Delhi-scg	HASMUDIN	ICICI BANK LTD	342401000492	ICIC0003424	101345776102	1115869666	DLCPM2172423000	0.00	0.00	0.00	30.00	0.00	0.00	8988.00	3000.00	1079.00	132.00	5396.00	0.00	0.00	1.50	0.00	0.00	0.00	228.00	0.00	17,613.00	1,211.00	16,402.00
100510	MOHIT	METER READER	GB	01-Sep-2020	TPDDL-NDPL	Badli-Delhi	SURESH GAUTAM	ICICI BANK LTD	071701508784	ICIC0000717	100496180800	2214574005	DLCPM2172423000	0.00	0.00	3.00	30.00	3.00	0.00	8988.00	3000.00	1079.00	132.00	5396.00	0.00	0.00	1.50	0.00	300.00	0.00	936.00	0.00	18,473.00	1,511.00	16,962.00
